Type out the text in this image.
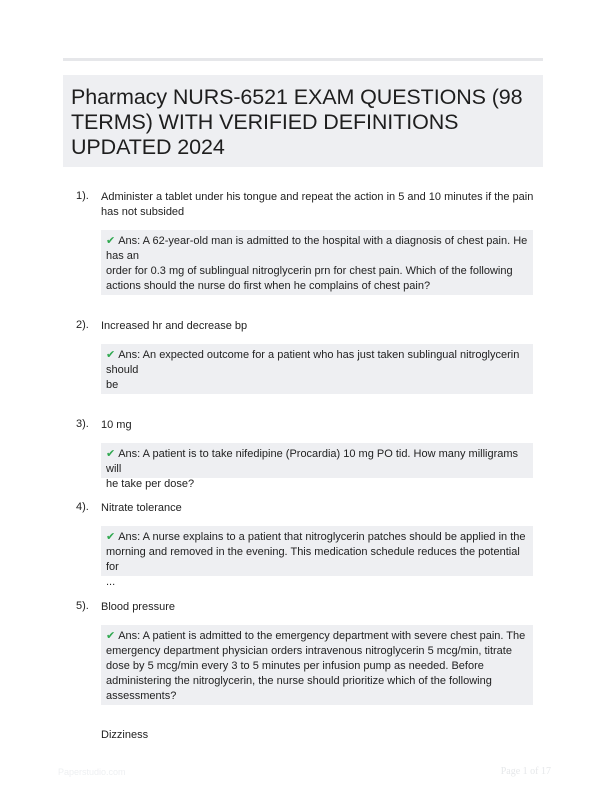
Pharmacy NURS-6521 EXAM QUESTIONS (98 TERMS) WITH VERIFIED DEFINITIONS UPDATED 2024
1). Administer a tablet under his tongue and repeat the action in 5 and 10 minutes if the pain
has not subsided
✔ Ans: A 62-year-old man is admitted to the hospital with a diagnosis of chest pain. He
has an
order for 0.3 mg of sublingual nitroglycerin prn for chest pain. Which of the following
actions should the nurse do first when he complains of chest pain?
2). Increased hr and decrease bp
✔ Ans: An expected outcome for a patient who has just taken sublingual nitroglycerin
should
be
3). 10 mg
✔ Ans: A patient is to take nifedipine (Procardia) 10 mg PO tid. How many milligrams will
he take per dose?
4). Nitrate tolerance
✔ Ans: A nurse explains to a patient that nitroglycerin patches should be applied in the
morning and removed in the evening. This medication schedule reduces the potential for
...
5). Blood pressure
✔ Ans: A patient is admitted to the emergency department with severe chest pain. The
emergency department physician orders intravenous nitroglycerin 5 mcg/min, titrate
dose by 5 mcg/min every 3 to 5 minutes per infusion pump as needed. Before
administering the nitroglycerin, the nurse should prioritize which of the following
assessments?
Dizziness
Paperstudio.com	Page 1 of 17
